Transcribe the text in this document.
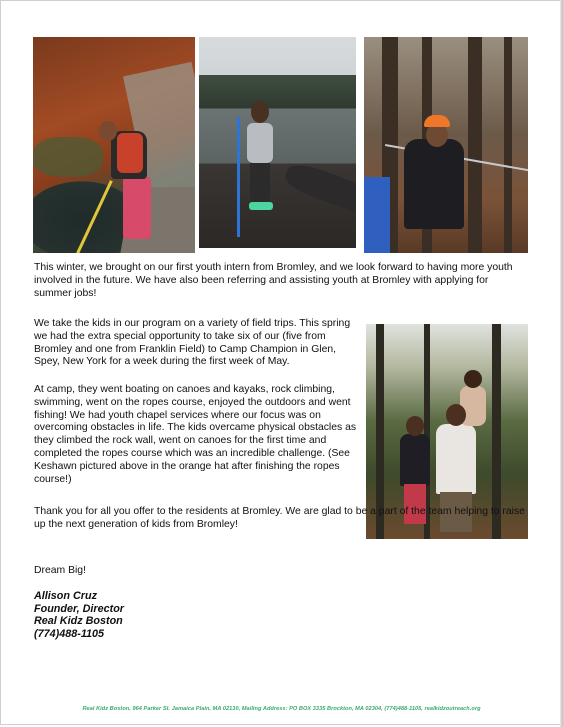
This winter, we brought on our first youth intern from Bromley, and we look forward to having more youth involved in the future. We have also been referring and assisting youth at Bromley with applying for summer jobs!

We take the kids in our program on a variety of field trips. This spring we had the extra special opportunity to take six of our (five from Bromley and one from Franklin Field) to Camp Champion in Glen, Spey, New York for a week during the first week of May.

At camp, they went boating on canoes and kayaks, rock climbing, swimming, went on the ropes course, enjoyed the outdoors and went fishing! We had youth chapel services where our focus was on overcoming obstacles in life. The kids overcame physical obstacles as they climbed the rock wall, went on canoes for the first time and completed the ropes course which was an incredible challenge. (See Keshawn pictured above in the orange hat after finishing the ropes course!)

Thank you for all you offer to the residents at Bromley. We are glad to be a part of the team helping to raise up the next generation of kids from Bromley!

Dream Big!

Allison Cruz
Founder, Director
Real Kidz Boston
(774)488-1105
Real Kidz Boston, 964 Parker St. Jamaica Plain, MA 02130, Mailing Address: PO BOX 3335 Brockton, MA 02304, (774)488-1105, realkidzoutreach.org
